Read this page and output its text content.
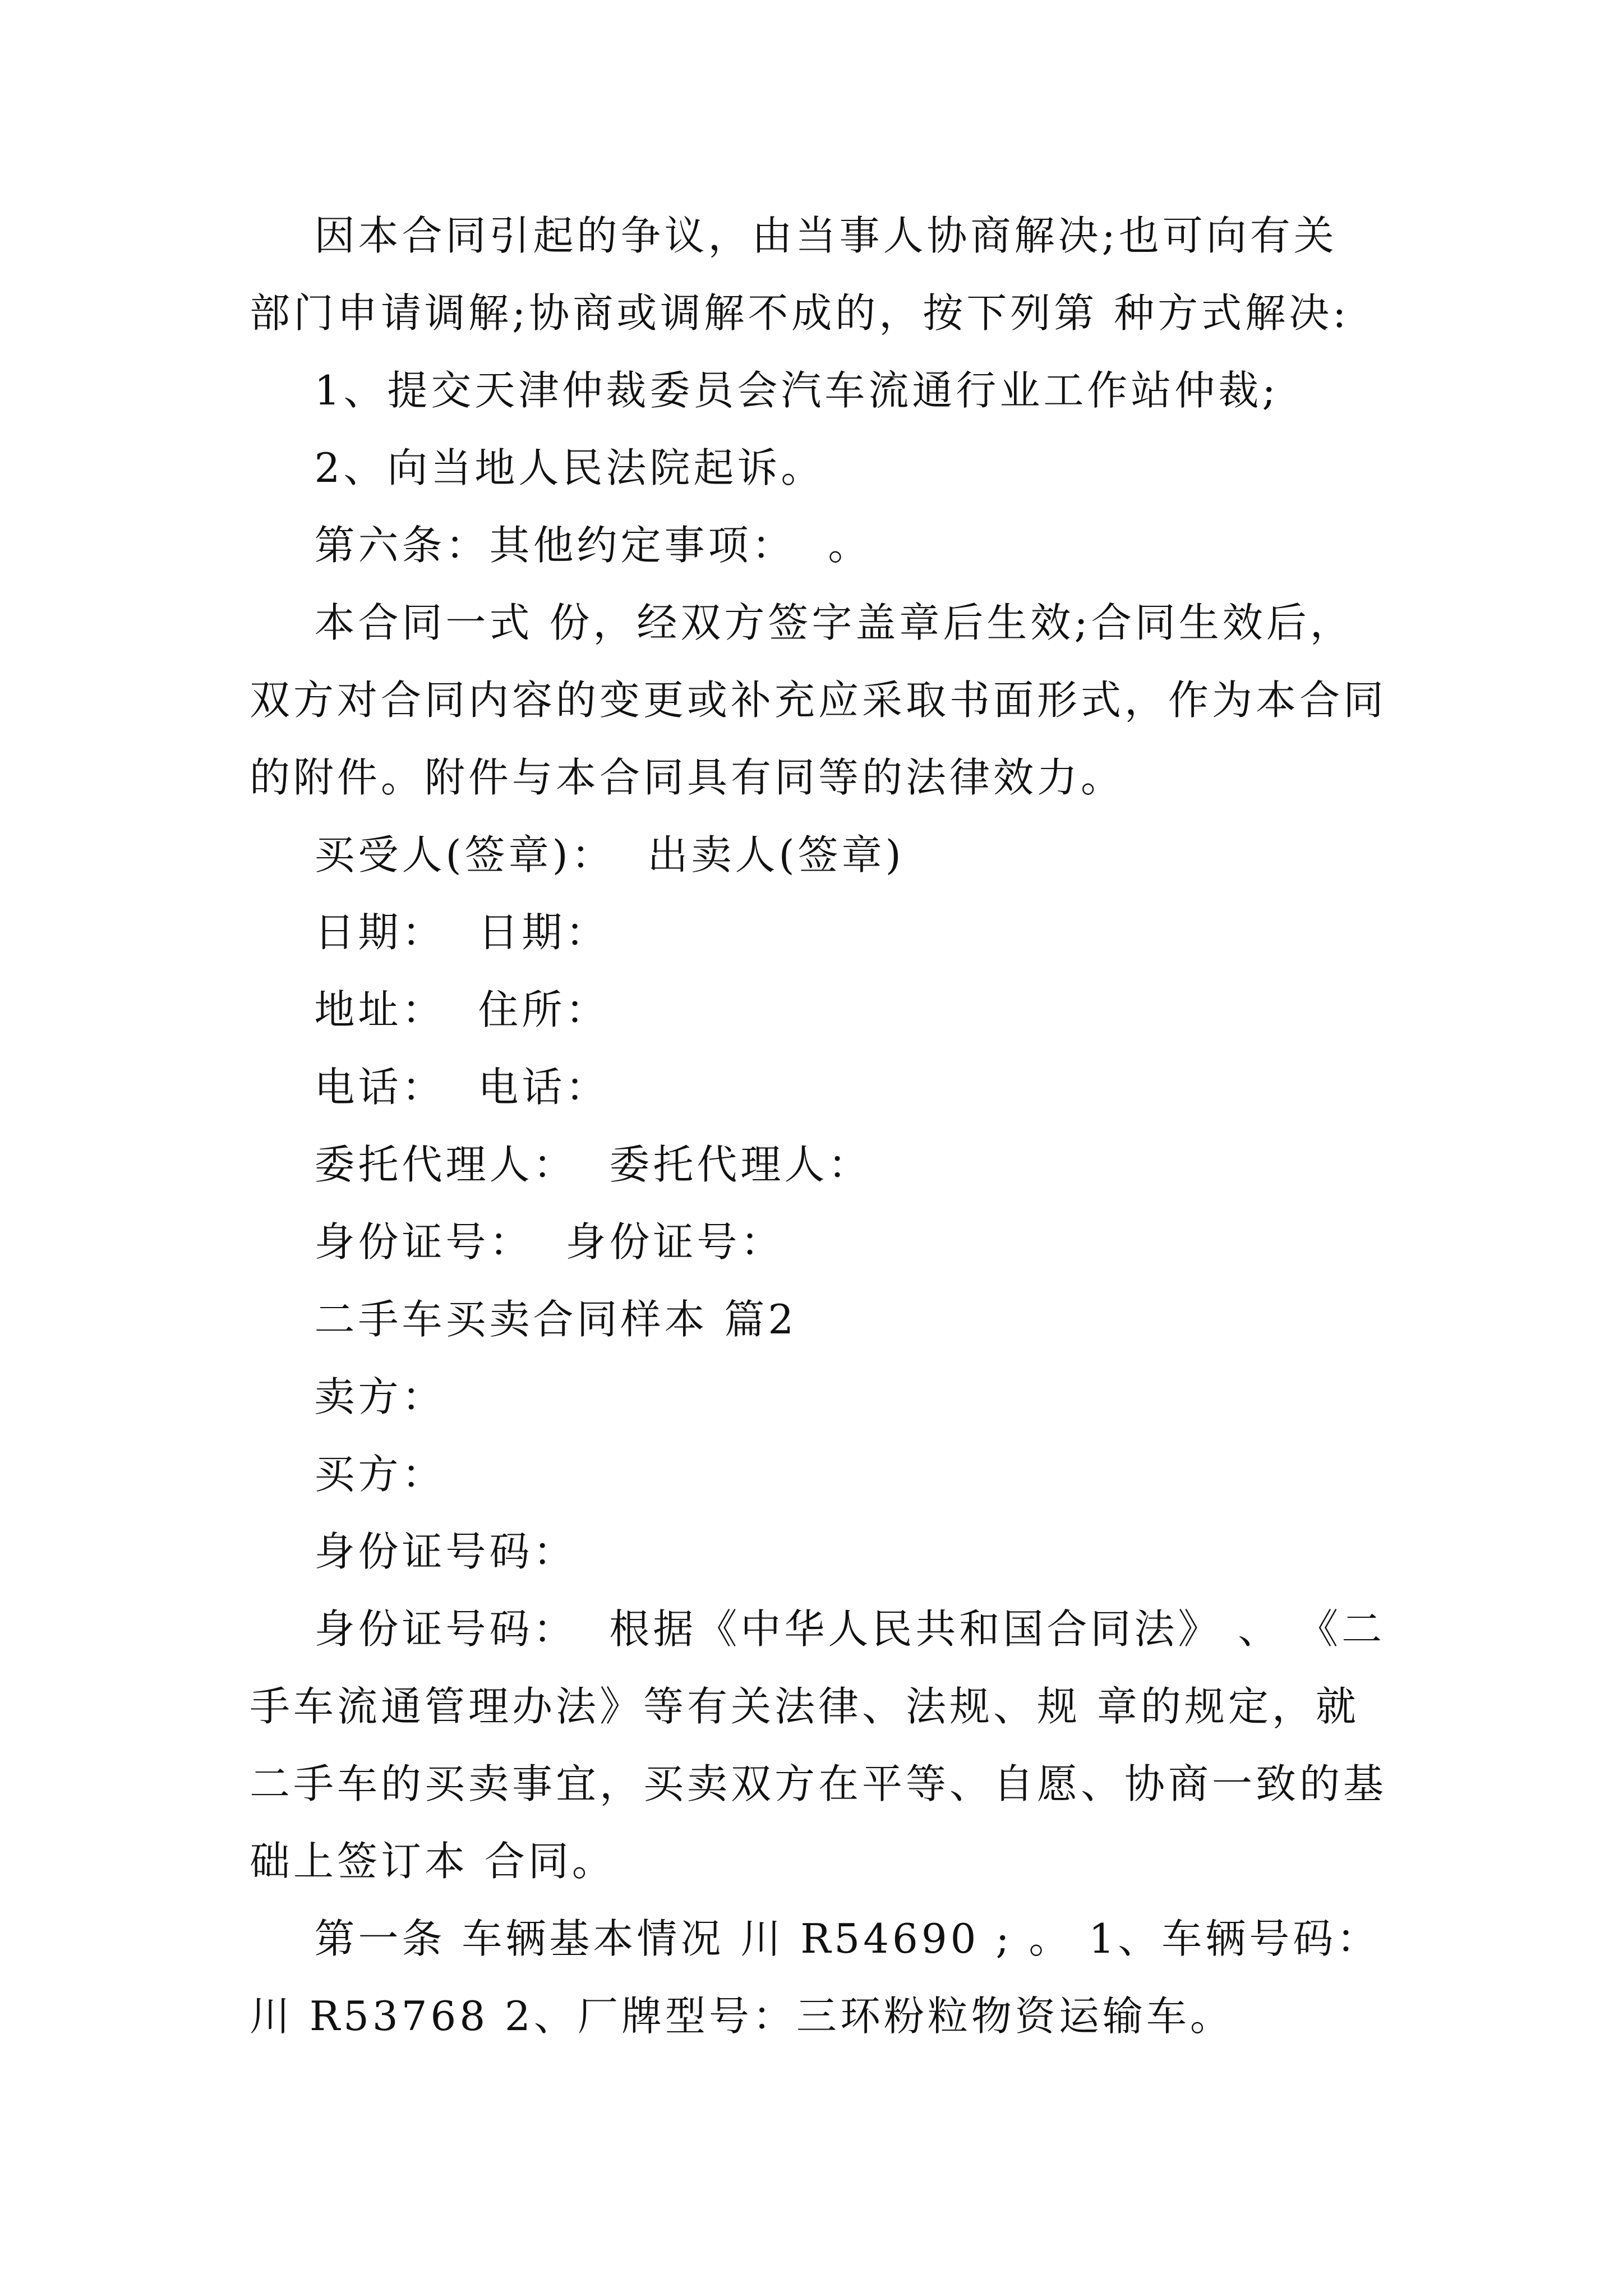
因本合同引起的争议，由当事人协商解决;也可向有关
部门申请调解;协商或调解不成的，按下列第 种方式解决:
1、提交天津仲裁委员会汽车流通行业工作站仲裁;
2、向当地人民法院起诉。
第六条：其他约定事项：  。
本合同一式 份，经双方签字盖章后生效;合同生效后，
双方对合同内容的变更或补充应采取书面形式，作为本合同
的附件。附件与本合同具有同等的法律效力。
买受人(签章)：  出卖人(签章)
日期：  日期：
地址：  住所：
电话：  电话：
委托代理人：  委托代理人：
身份证号：  身份证号：
二手车买卖合同样本 篇2
卖方：
买方：
身份证号码：
身份证号码：  根据《中华人民共和国合同法》 、 《二
手车流通管理办法》等有关法律、法规、规 章的规定，就
二手车的买卖事宜，买卖双方在平等、自愿、协商一致的基
础上签订本 合同。
第一条 车辆基本情况 川 R54690 ; 。 1、车辆号码：
川 R53768 2、厂牌型号：三环粉粒物资运输车。
